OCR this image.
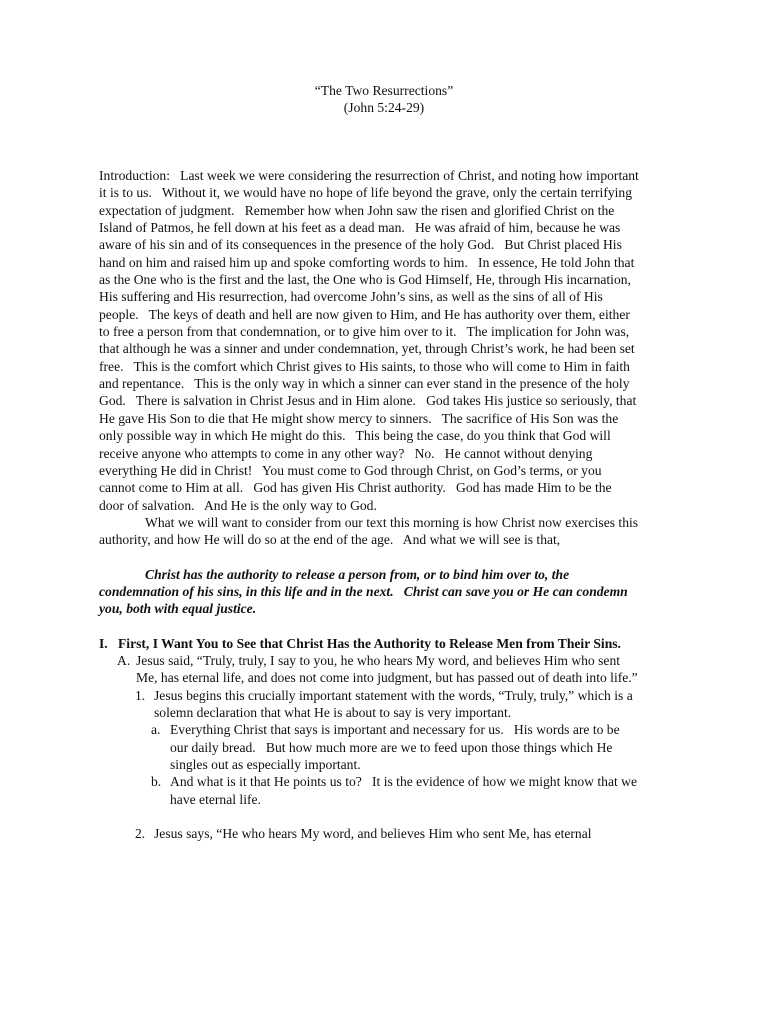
“The Two Resurrections”
(John 5:24-29)

Introduction:   Last week we were considering the resurrection of Christ, and noting how important it is to us.   Without it, we would have no hope of life beyond the grave, only the certain terrifying expectation of judgment.   Remember how when John saw the risen and glorified Christ on the Island of Patmos, he fell down at his feet as a dead man.   He was afraid of him, because he was aware of his sin and of its consequences in the presence of the holy God.   But Christ placed His hand on him and raised him up and spoke comforting words to him.   In essence, He told John that as the One who is the first and the last, the One who is God Himself, He, through His incarnation, His suffering and His resurrection, had overcome John’s sins, as well as the sins of all of His people.   The keys of death and hell are now given to Him, and He has authority over them, either to free a person from that condemnation, or to give him over to it.   The implication for John was, that although he was a sinner and under condemnation, yet, through Christ’s work, he had been set free.   This is the comfort which Christ gives to His saints, to those who will come to Him in faith and repentance.   This is the only way in which a sinner can ever stand in the presence of the holy God.   There is salvation in Christ Jesus and in Him alone.   God takes His justice so seriously, that He gave His Son to die that He might show mercy to sinners.   The sacrifice of His Son was the only possible way in which He might do this.   This being the case, do you think that God will receive anyone who attempts to come in any other way?   No.   He cannot without denying everything He did in Christ!   You must come to God through Christ, on God’s terms, or you cannot come to Him at all.   God has given His Christ authority.   God has made Him to be the door of salvation.   And He is the only way to God.

What we will want to consider from our text this morning is how Christ now exercises this authority, and how He will do so at the end of the age.   And what we will see is that,

Christ has the authority to release a person from, or to bind him over to, the condemnation of his sins, in this life and in the next.   Christ can save you or He can condemn you, both with equal justice.

I. First, I Want You to See that Christ Has the Authority to Release Men from Their Sins.
A. Jesus said, “Truly, truly, I say to you, he who hears My word, and believes Him who sent Me, has eternal life, and does not come into judgment, but has passed out of death into life.”
1. Jesus begins this crucially important statement with the words, “Truly, truly,” which is a solemn declaration that what He is about to say is very important.
a. Everything Christ that says is important and necessary for us.   His words are to be our daily bread.   But how much more are we to feed upon those things which He singles out as especially important.
b. And what is it that He points us to?   It is the evidence of how we might know that we have eternal life.
2. Jesus says, “He who hears My word, and believes Him who sent Me, has eternal
